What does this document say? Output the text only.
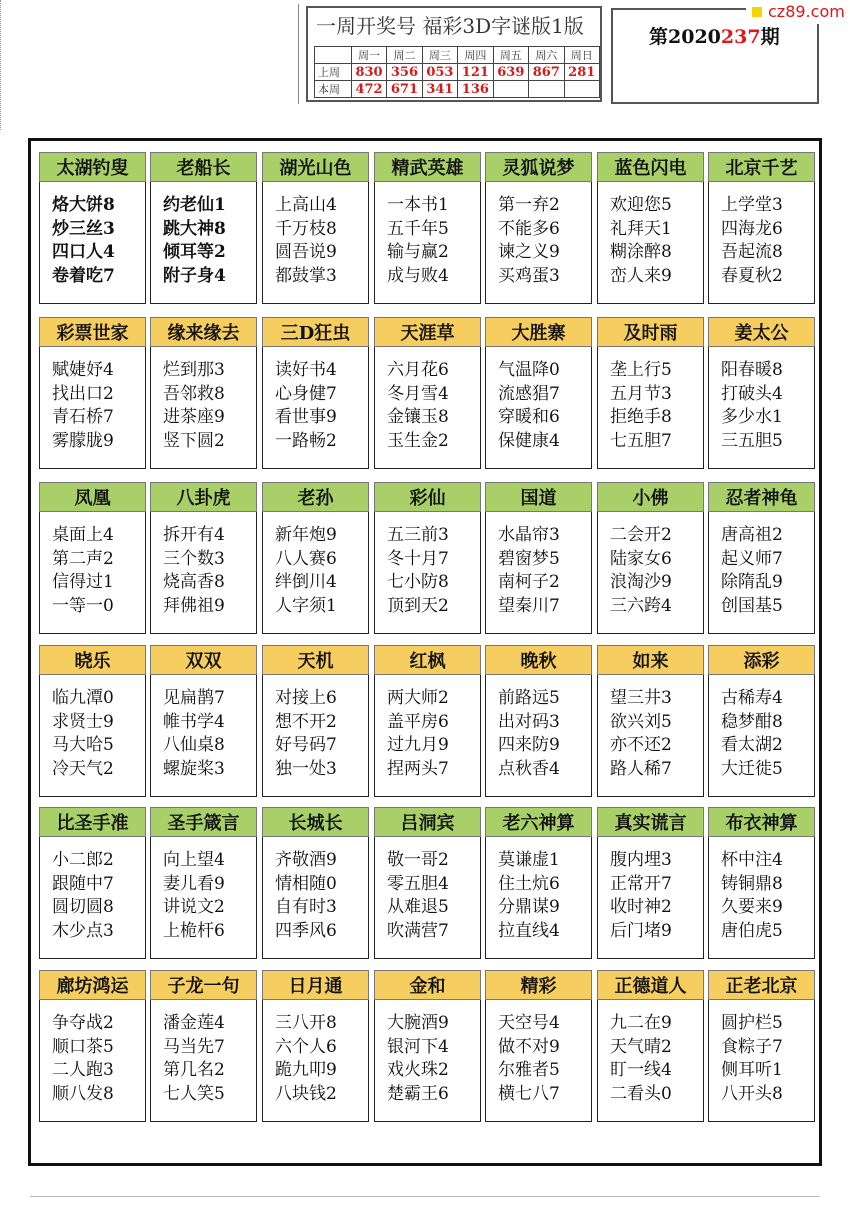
一周开奖号 福彩3D字谜版1版
	周一	周二	周三	周四	周五	周六	周日
上周	830	356	053	121	639	867	281
本周	472	671	341	136			
第2020237期
cz89.com
太湖钓叟
烙大饼8
炒三丝3
四口人4
卷着吃7
老船长
约老仙1
跳大神8
倾耳等2
附子身4
湖光山色
上高山4
千万枝8
圆吾说9
都鼓掌3
精武英雄
一本书1
五千年5
输与赢2
成与败4
灵狐说梦
第一弃2
不能多6
谏之义9
买鸡蛋3
蓝色闪电
欢迎您5
礼拜天1
糊涂醉8
峦人来9
北京千艺
上学堂3
四海龙6
吾起流8
春夏秋2
彩票世家
赋婕妤4
找出口2
青石桥7
雾朦胧9
缘来缘去
烂到那3
吾邻救8
进茶座9
竖下圆2
三D狂虫
读好书4
心身健7
看世事9
一路畅2
天涯草
六月花6
冬月雪4
金镶玉8
玉生金2
大胜寨
气温降0
流感猖7
穿暖和6
保健康4
及时雨
垄上行5
五月节3
拒绝手8
七五胆7
姜太公
阳春暖8
打破头4
多少水1
三五胆5
凤凰
桌面上4
第二声2
信得过1
一等一0
八卦虎
拆开有4
三个数3
烧高香8
拜佛祖9
老孙
新年炮9
八人赛6
绊倒川4
人字须1
彩仙
五三前3
冬十月7
七小防8
顶到天2
国道
水晶帘3
碧窗梦5
南柯子2
望秦川7
小佛
二会开2
陆家女6
浪淘沙9
三六跨4
忍者神龟
唐高祖2
起义师7
除隋乱9
创国基5
晓乐
临九潭0
求贤士9
马大哈5
冷天气2
双双
见扁鹊7
帷书学4
八仙桌8
螺旋桨3
天机
对接上6
想不开2
好号码7
独一处3
红枫
两大师2
盖平房6
过九月9
捏两头7
晚秋
前路远5
出对码3
四来防9
点秋香4
如来
望三井3
欲兴刘5
亦不还2
路人稀7
添彩
古稀寿4
稳梦酣8
看太湖2
大迁徙5
比圣手准
小二郎2
跟随中7
圆切圆8
木少点3
圣手箴言
向上望4
妻儿看9
讲说文2
上桅杆6
长城长
齐敬酒9
情相随0
自有时3
四季风6
吕洞宾
敬一哥2
零五胆4
从难退5
吹满营7
老六神算
莫谦虚1
住土炕6
分鼎谋9
拉直线4
真实谎言
腹内埋3
正常开7
收时神2
后门堵9
布衣神算
杯中注4
铸铜鼎8
久要来9
唐伯虎5
廊坊鸿运
争夺战2
顺口茶5
二人跑3
顺八发8
子龙一句
潘金莲4
马当先7
第几名2
七人笑5
日月通
三八开8
六个人6
跪九叩9
八块钱2
金和
大腕酒9
银河下4
戏火珠2
楚霸王6
精彩
天空号4
做不对9
尔雅者5
横七八7
正德道人
九二在9
天气晴2
盯一线4
二看头0
正老北京
圆护栏5
食粽子7
侧耳听1
八开头8
